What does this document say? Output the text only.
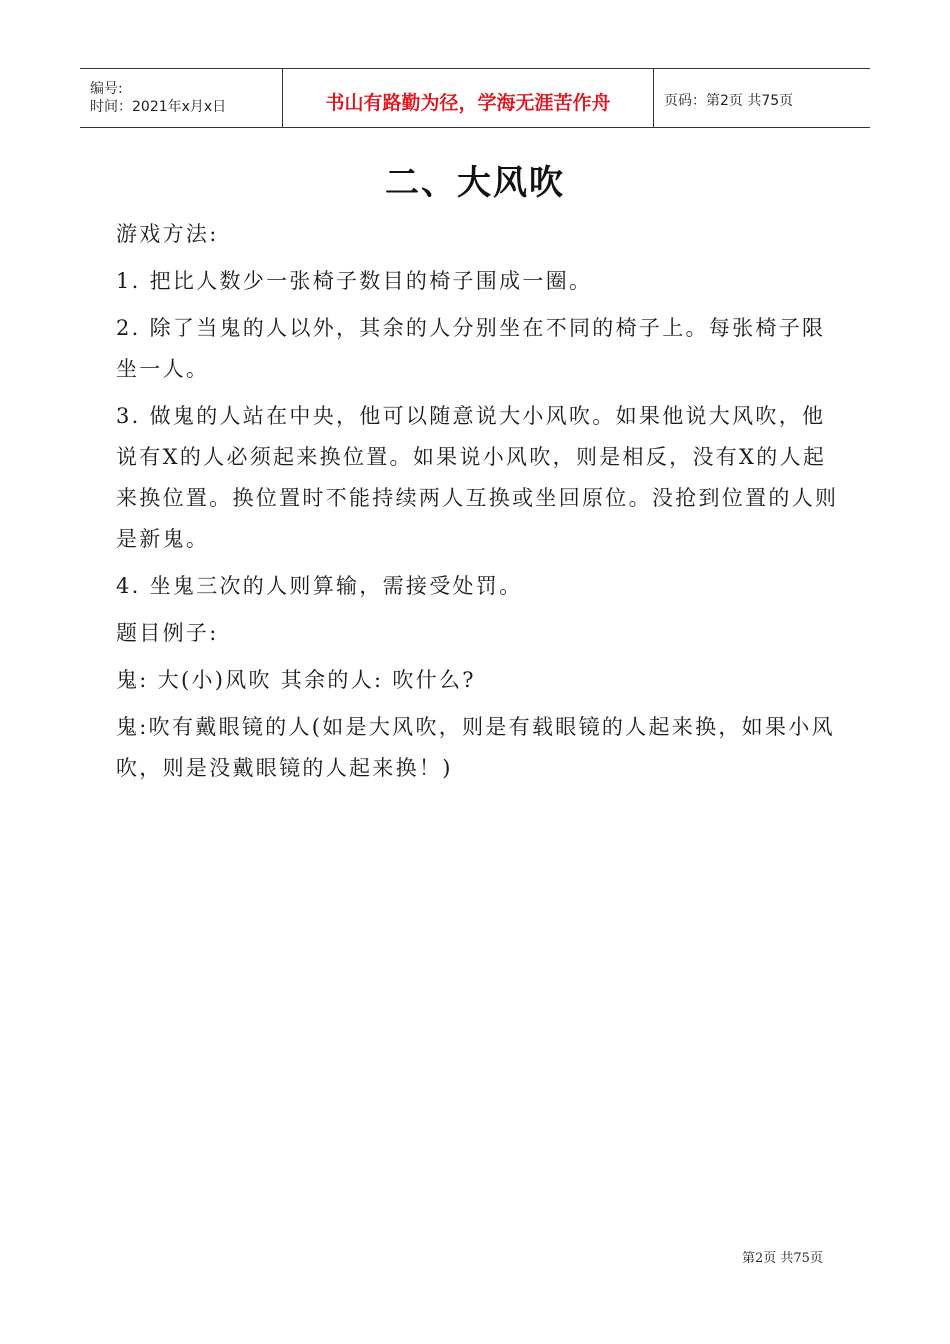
编号:
时间：2021年x月x日	书山有路勤为径，学海无涯苦作舟	页码：第2页 共75页
二、大风吹

游戏方法:

1. 把比人数少一张椅子数目的椅子围成一圈。

2. 除了当鬼的人以外，其余的人分别坐在不同的椅子上。每张椅子限坐一人。

3. 做鬼的人站在中央，他可以随意说大小风吹。如果他说大风吹，他说有X的人必须起来换位置。如果说小风吹，则是相反，没有X的人起来换位置。换位置时不能持续两人互换或坐回原位。没抢到位置的人则是新鬼。

4. 坐鬼三次的人则算输，需接受处罚。

题目例子:

鬼: 大(小)风吹 其余的人: 吹什么?

鬼:吹有戴眼镜的人(如是大风吹，则是有载眼镜的人起来换，如果小风吹，则是没戴眼镜的人起来换！)

第2页 共75页
